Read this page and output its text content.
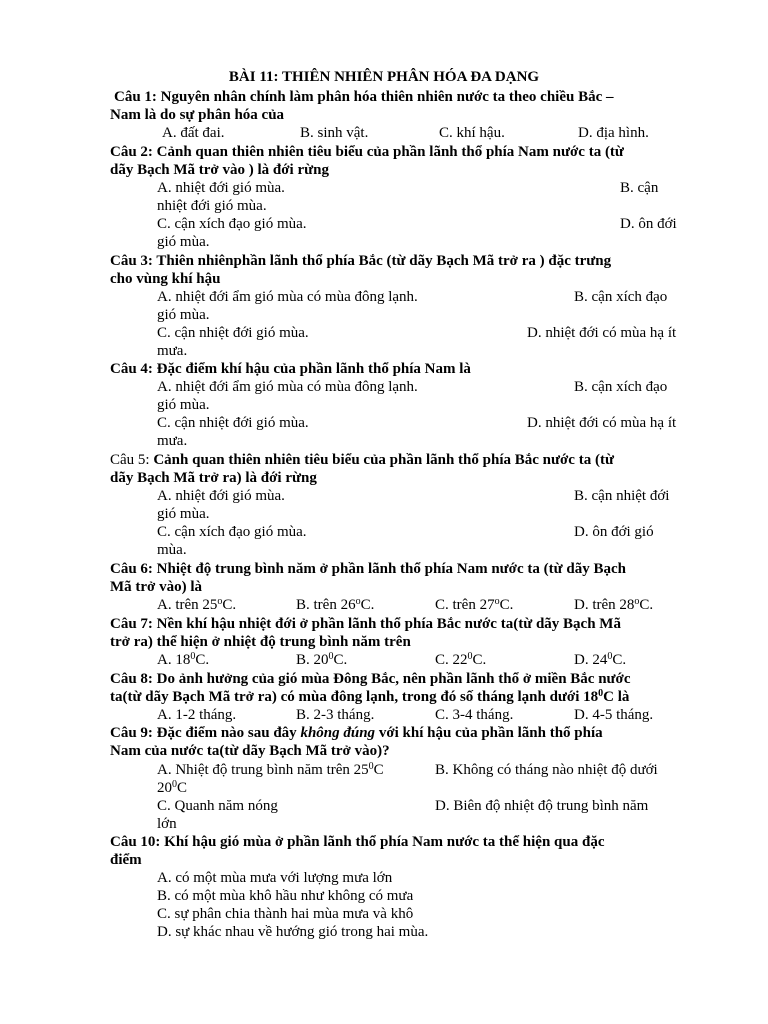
BÀI 11: THIÊN NHIÊN PHÂN HÓA ĐA DẠNG
Câu 1: Nguyên nhân chính làm phân hóa thiên nhiên nước ta theo chiều Bắc –
Nam là do sự phân hóa của
A. đất đai.	B. sinh vật.	C. khí hậu.	D. địa hình.
Câu 2: Cảnh quan thiên nhiên tiêu biểu của phần lãnh thổ phía Nam nước ta (từ
dãy Bạch Mã trở vào ) là đới rừng
A. nhiệt đới gió mùa.	B. cận
nhiệt đới gió mùa.
C. cận xích đạo gió mùa.	D. ôn đới
gió mùa.
Câu 3: Thiên nhiênphần lãnh thổ phía Bắc (từ dãy Bạch Mã trở ra ) đặc trưng
cho vùng khí hậu
A. nhiệt đới ẩm gió mùa có mùa đông lạnh.	B. cận xích đạo
gió mùa.
C. cận nhiệt đới gió mùa.	D. nhiệt đới có mùa hạ ít
mưa.
Câu 4: Đặc điểm khí hậu của phần lãnh thổ phía Nam là
A. nhiệt đới ẩm gió mùa có mùa đông lạnh.	B. cận xích đạo
gió mùa.
C. cận nhiệt đới gió mùa.	D. nhiệt đới có mùa hạ ít
mưa.
Câu 5: Cảnh quan thiên nhiên tiêu biểu của phần lãnh thổ phía Bắc nước ta (từ
dãy Bạch Mã trở ra) là đới rừng
A. nhiệt đới gió mùa.	B. cận nhiệt đới
gió mùa.
C. cận xích đạo gió mùa.	D. ôn đới gió
mùa.
Câu 6: Nhiệt độ trung bình năm ở phần lãnh thổ phía Nam nước ta (từ dãy Bạch
Mã trở vào) là
A. trên 25$^o$C.	B. trên 26$^o$C.	C. trên 27$^o$C.	D. trên 28$^o$C.
Câu 7: Nền khí hậu nhiệt đới ở phần lãnh thổ phía Bắc nước ta(từ dãy Bạch Mã
trở ra) thể hiện ở nhiệt độ trung bình năm trên
A. $18^0C$.	B. $20^0C$.	C. $22^0C$.	D. $24^0C$.
Câu 8: Do ảnh hưởng của gió mùa Đông Bắc, nên phần lãnh thổ ở miền Bắc nước
ta(từ dãy Bạch Mã trở ra) có mùa đông lạnh, trong đó số tháng lạnh dưới $18^0C$ là
A. 1-2 tháng.	B. 2-3 tháng.	C. 3-4 tháng.	D. 4-5 tháng.
Câu 9: Đặc điểm nào sau đây không đúng với khí hậu của phần lãnh thổ phía
Nam của nước ta(từ dãy Bạch Mã trở vào)?
A. Nhiệt độ trung bình năm trên $25^0C$	B. Không có tháng nào nhiệt độ dưới
$20^0C$
C. Quanh năm nóng	D. Biên độ nhiệt độ trung bình năm
lớn
Câu 10: Khí hậu gió mùa ở phần lãnh thổ phía Nam nước ta thể hiện qua đặc
điểm
A. có một mùa mưa với lượng mưa lớn
B. có một mùa khô hầu như không có mưa
C. sự phân chia thành hai mùa mưa và khô
D. sự khác nhau về hướng gió trong hai mùa.
